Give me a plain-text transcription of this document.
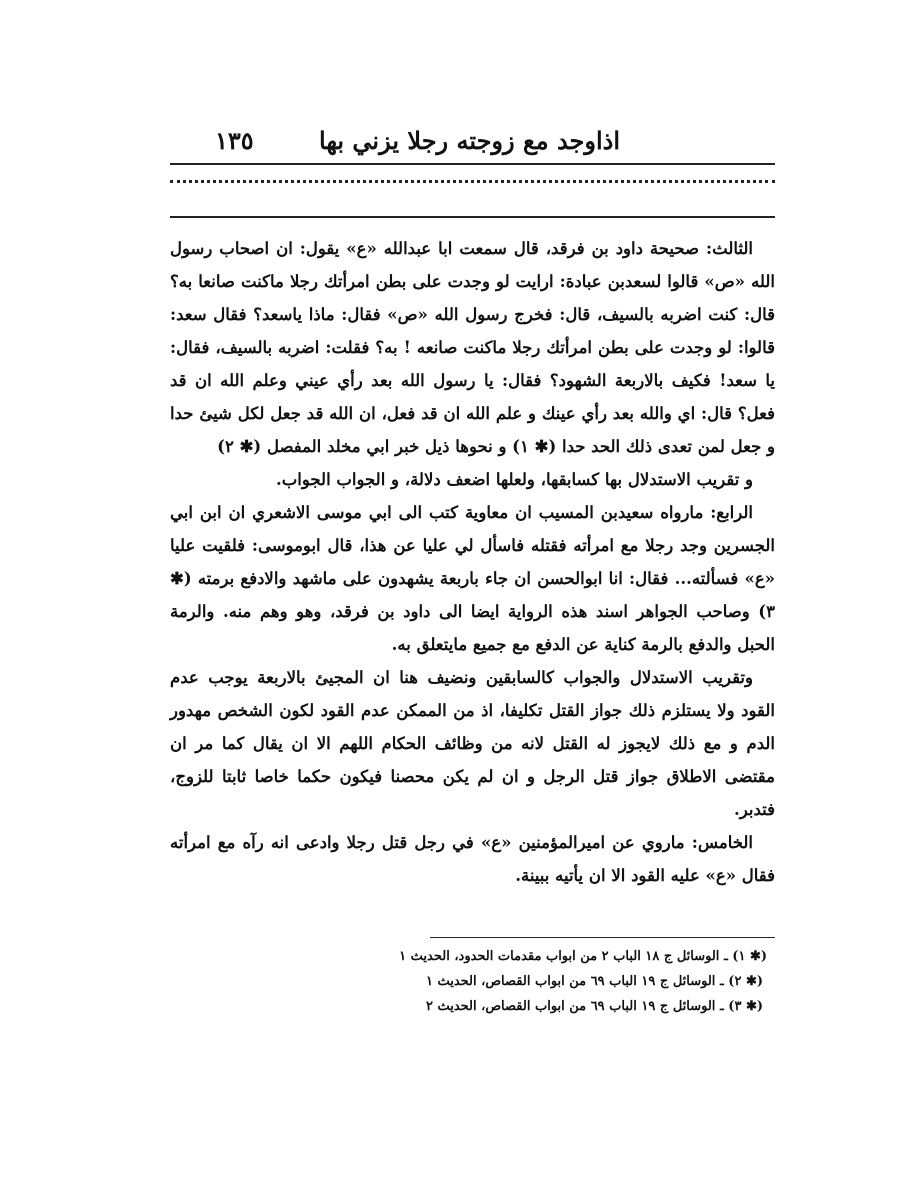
اذاوجد مع زوجته رجلا يزني بها
١٣٥

الثالث: صحيحة داود بن فرقد، قال سمعت ابا عبدالله «ع» يقول: ان اصحاب رسول الله «ص» قالوا لسعدبن عبادة: ارايت لو وجدت على بطن امرأتك رجلا ماكنت صانعا به؟ قال: كنت اضربه بالسيف، قال: فخرج رسول الله «ص» فقال: ماذا ياسعد؟ فقال سعد: قالوا: لو وجدت على بطن امرأتك رجلا ماكنت صانعه ! به؟ فقلت: اضربه بالسيف، فقال: يا سعد! فكيف بالاربعة الشهود؟ فقال: يا رسول الله بعد رأي عيني وعلم الله ان قد فعل؟ قال: اي والله بعد رأي عينك و علم الله ان قد فعل، ان الله قد جعل لكل شيئ حدا و جعل لمن تعدى ذلك الحد حدا (✱ ١) و نحوها ذيل خبر ابي مخلد المفصل (✱ ٢)

و تقريب الاستدلال بها كسابقها، ولعلها اضعف دلالة، و الجواب الجواب.

الرابع: مارواه سعيدبن المسيب ان معاوية كتب الى ابي موسى الاشعري ان ابن ابي الجسرين وجد رجلا مع امرأته فقتله فاسأل لي عليا عن هذا، قال ابوموسى: فلقيت عليا «ع» فسألته... فقال: انا ابوالحسن ان جاء باربعة يشهدون على ماشهد والادفع برمته (✱ ٣) وصاحب الجواهر اسند هذه الرواية ايضا الى داود بن فرقد، وهو وهم منه. والرمة الحبل والدفع بالرمة كناية عن الدفع مع جميع مايتعلق به.

وتقريب الاستدلال والجواب كالسابقين ونضيف هنا ان المجيئ بالاربعة يوجب عدم القود ولا يستلزم ذلك جواز القتل تكليفا، اذ من الممكن عدم القود لكون الشخص مهدور الدم و مع ذلك لايجوز له القتل لانه من وظائف الحكام اللهم الا ان يقال كما مر ان مقتضى الاطلاق جواز قتل الرجل و ان لم يكن محصنا فيكون حكما خاصا ثابتا للزوج، فتدبر.

الخامس: ماروي عن اميرالمؤمنين «ع» في رجل قتل رجلا وادعى انه رآه مع امرأته فقال «ع» عليه القود الا ان يأتيه ببينة.

(✱ ١) ـ الوسائل ج ١٨ الباب ٢ من ابواب مقدمات الحدود، الحديث ١
(✱ ٢) ـ الوسائل ج ١٩ الباب ٦٩ من ابواب القصاص، الحديث ١
(✱ ٣) ـ الوسائل ج ١٩ الباب ٦٩ من ابواب القصاص، الحديث ٢
